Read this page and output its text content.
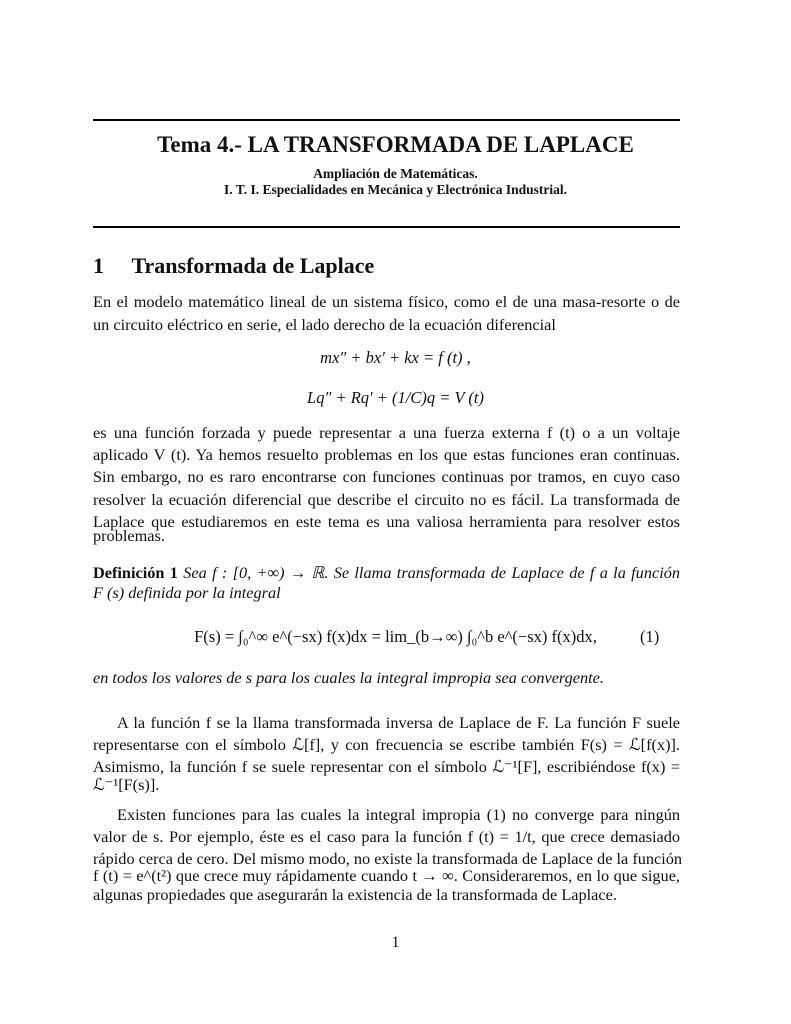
Tema 4.- LA TRANSFORMADA DE LAPLACE
Ampliación de Matemáticas.
I. T. I. Especialidades en Mecánica y Electrónica Industrial.
1 Transformada de Laplace
En el modelo matemático lineal de un sistema físico, como el de una masa-resorte o de
un circuito eléctrico en serie, el lado derecho de la ecuación diferencial
mx″ + bx′ + kx = f (t) ,
Lq″ + Rq′ + (1/C)q = V (t)
es una función forzada y puede representar a una fuerza externa f (t) o a un voltaje
aplicado V (t). Ya hemos resuelto problemas en los que estas funciones eran continuas.
Sin embargo, no es raro encontrarse con funciones continuas por tramos, en cuyo caso
resolver la ecuación diferencial que describe el circuito no es fácil. La transformada de
Laplace que estudiaremos en este tema es una valiosa herramienta para resolver estos
problemas.
Definición 1 Sea f : [0, +∞) → ℝ. Se llama transformada de Laplace de f a la función
F (s) definida por la integral
F(s) = ∫₀^∞ e^(−sx) f(x)dx = lim_(b→∞) ∫₀^b e^(−sx) f(x)dx,	(1)
en todos los valores de s para los cuales la integral impropia sea convergente.
A la función f se la llama transformada inversa de Laplace de F. La función F suele
representarse con el símbolo ℒ[f], y con frecuencia se escribe también F(s) = ℒ[f(x)].
Asimismo, la función f se suele representar con el símbolo ℒ⁻¹[F], escribiéndose f(x) =
ℒ⁻¹[F(s)].
Existen funciones para las cuales la integral impropia (1) no converge para ningún
valor de s. Por ejemplo, éste es el caso para la función f (t) = 1/t, que crece demasiado
rápido cerca de cero. Del mismo modo, no existe la transformada de Laplace de la función
f (t) = e^(t²) que crece muy rápidamente cuando t → ∞. Consideraremos, en lo que sigue,
algunas propiedades que asegurarán la existencia de la transformada de Laplace.
1
